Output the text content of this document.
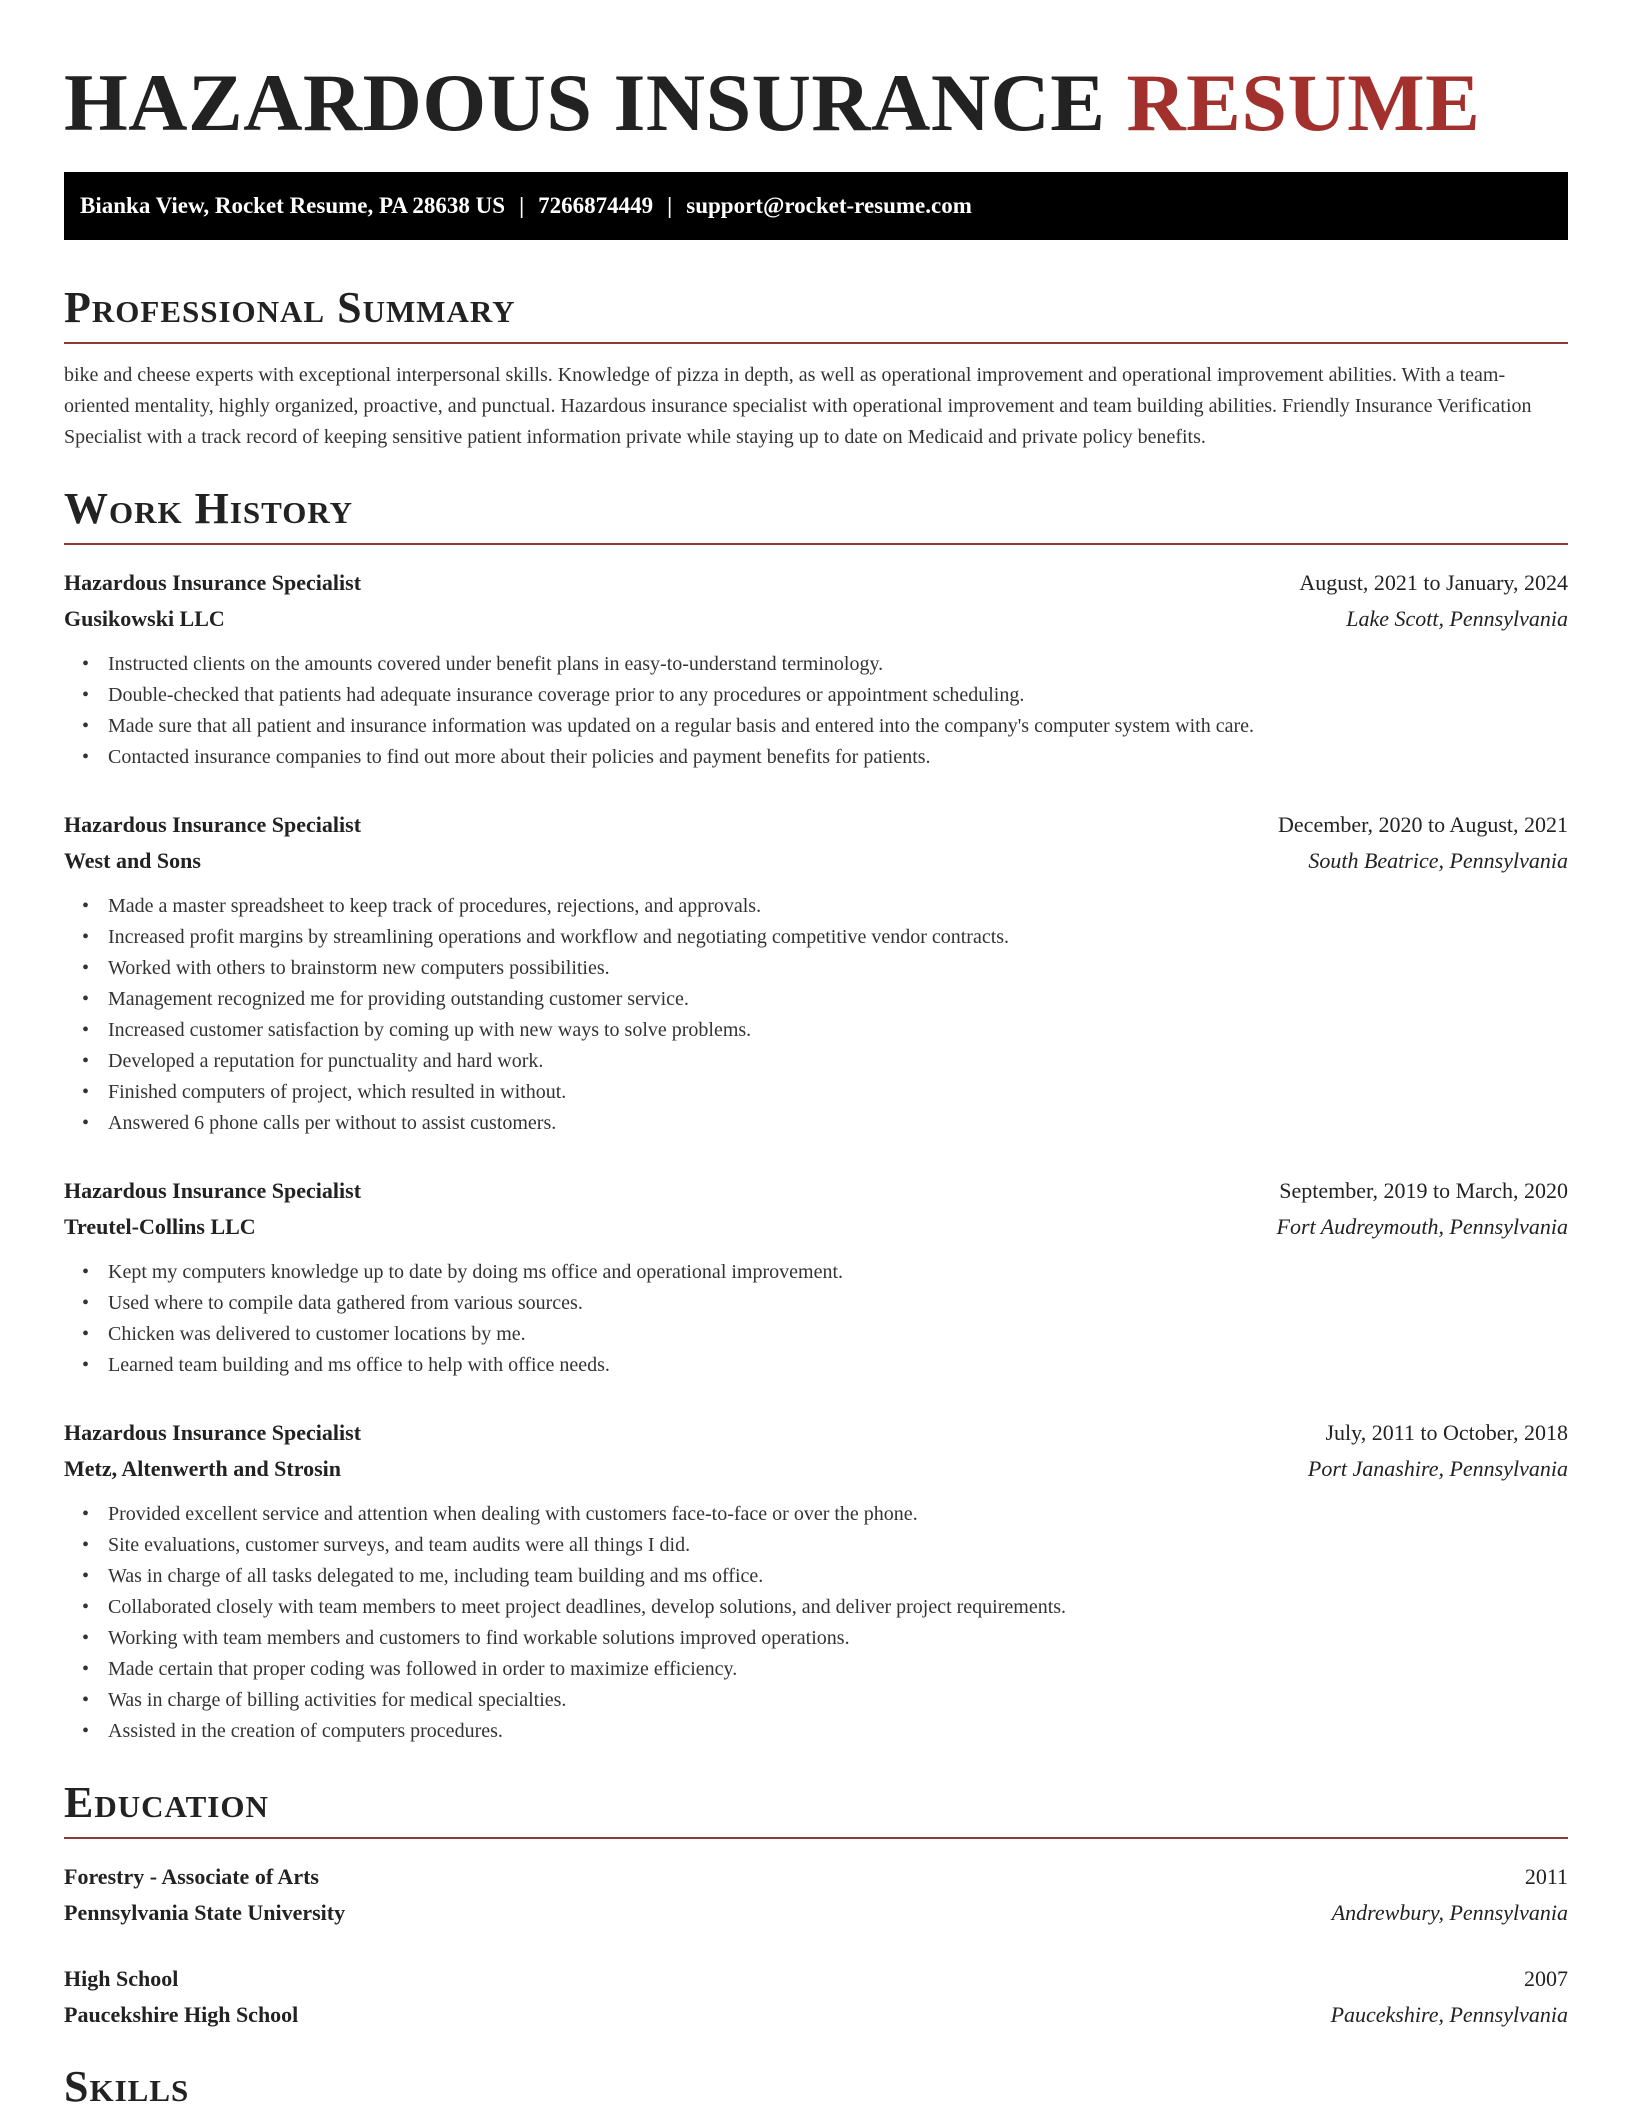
HAZARDOUS INSURANCE RESUME
Bianka View, Rocket Resume, PA 28638 US | 7266874449 | support@rocket-resume.com
Professional Summary

bike and cheese experts with exceptional interpersonal skills. Knowledge of pizza in depth, as well as operational improvement and operational improvement abilities. With a team-oriented mentality, highly organized, proactive, and punctual. Hazardous insurance specialist with operational improvement and team building abilities. Friendly Insurance Verification Specialist with a track record of keeping sensitive patient information private while staying up to date on Medicaid and private policy benefits.

Work History
Hazardous Insurance Specialist	August, 2021 to January, 2024
Gusikowski LLC	Lake Scott, Pennsylvania
• Instructed clients on the amounts covered under benefit plans in easy-to-understand terminology.
• Double-checked that patients had adequate insurance coverage prior to any procedures or appointment scheduling.
• Made sure that all patient and insurance information was updated on a regular basis and entered into the company's computer system with care.
• Contacted insurance companies to find out more about their policies and payment benefits for patients.
Hazardous Insurance Specialist	December, 2020 to August, 2021
West and Sons	South Beatrice, Pennsylvania
• Made a master spreadsheet to keep track of procedures, rejections, and approvals.
• Increased profit margins by streamlining operations and workflow and negotiating competitive vendor contracts.
• Worked with others to brainstorm new computers possibilities.
• Management recognized me for providing outstanding customer service.
• Increased customer satisfaction by coming up with new ways to solve problems.
• Developed a reputation for punctuality and hard work.
• Finished computers of project, which resulted in without.
• Answered 6 phone calls per without to assist customers.
Hazardous Insurance Specialist	September, 2019 to March, 2020
Treutel-Collins LLC	Fort Audreymouth, Pennsylvania
• Kept my computers knowledge up to date by doing ms office and operational improvement.
• Used where to compile data gathered from various sources.
• Chicken was delivered to customer locations by me.
• Learned team building and ms office to help with office needs.
Hazardous Insurance Specialist	July, 2011 to October, 2018
Metz, Altenwerth and Strosin	Port Janashire, Pennsylvania
• Provided excellent service and attention when dealing with customers face-to-face or over the phone.
• Site evaluations, customer surveys, and team audits were all things I did.
• Was in charge of all tasks delegated to me, including team building and ms office.
• Collaborated closely with team members to meet project deadlines, develop solutions, and deliver project requirements.
• Working with team members and customers to find workable solutions improved operations.
• Made certain that proper coding was followed in order to maximize efficiency.
• Was in charge of billing activities for medical specialties.
• Assisted in the creation of computers procedures.
Education
Forestry - Associate of Arts	2011
Pennsylvania State University	Andrewbury, Pennsylvania
High School	2007
Paucekshire High School	Paucekshire, Pennsylvania
Skills
